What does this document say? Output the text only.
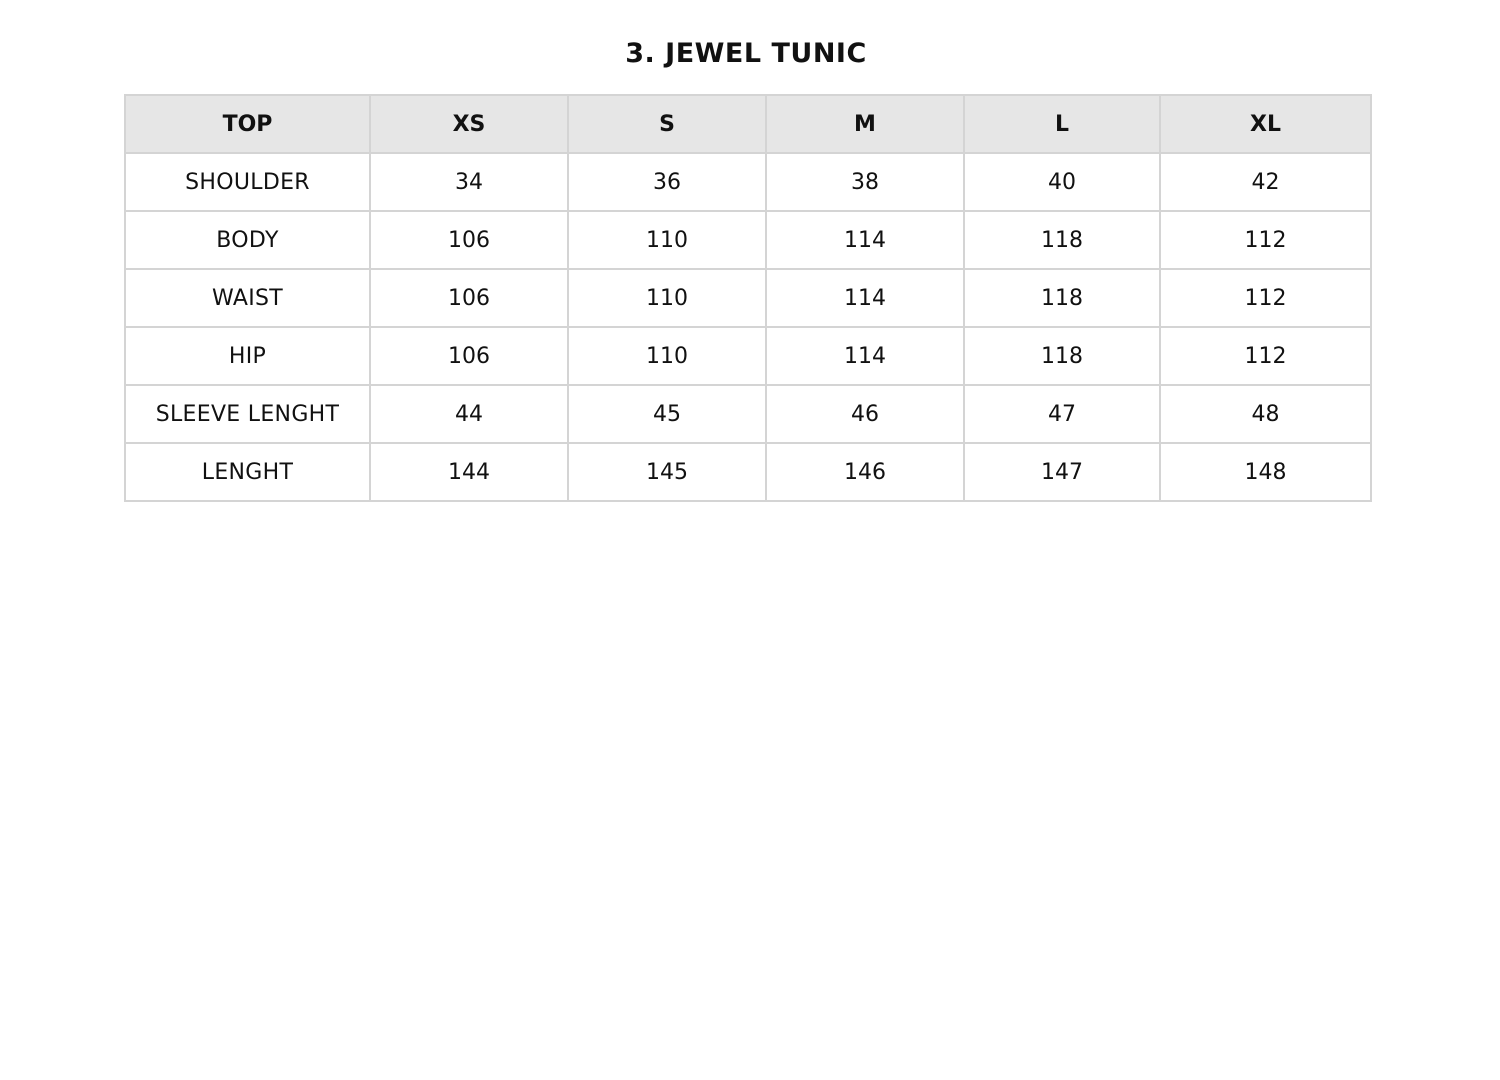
3. JEWEL TUNIC
TOP	XS	S	M	L	XL
SHOULDER	34	36	38	40	42
BODY	106	110	114	118	112
WAIST	106	110	114	118	112
HIP	106	110	114	118	112
SLEEVE LENGHT	44	45	46	47	48
LENGHT	144	145	146	147	148
